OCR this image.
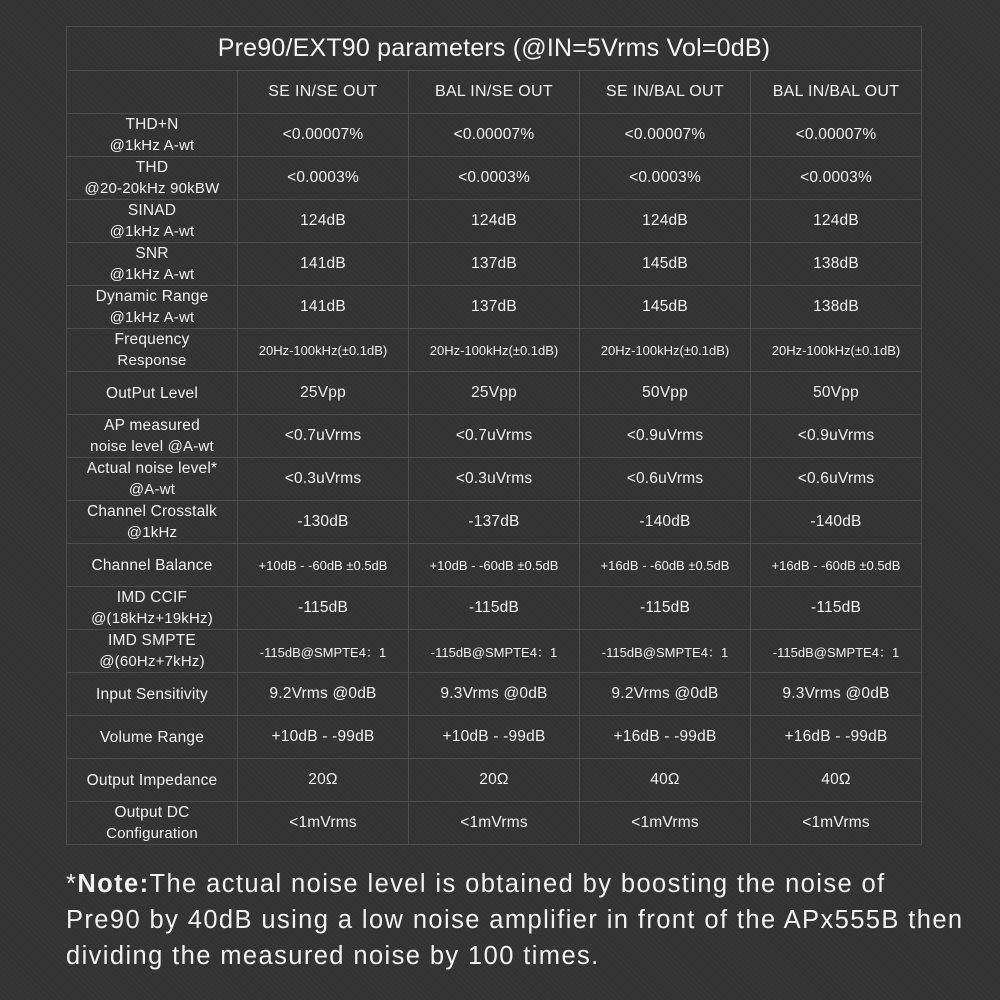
Pre90/EXT90 parameters (@IN=5Vrms Vol=0dB)				
	SE IN/SE OUT	BAL IN/SE OUT	SE IN/BAL OUT	BAL IN/BAL OUT

THD+N
@1kHz A-wt	<0.00007%	<0.00007%	<0.00007%	<0.00007%

THD
@20-20kHz 90kBW	<0.0003%	<0.0003%	<0.0003%	<0.0003%

SINAD
@1kHz A-wt	124dB	124dB	124dB	124dB

SNR
@1kHz A-wt	141dB	137dB	145dB	138dB

Dynamic Range
@1kHz A-wt	141dB	137dB	145dB	138dB

Frequency
Response	20Hz-100kHz(±0.1dB)	20Hz-100kHz(±0.1dB)	20Hz-100kHz(±0.1dB)	20Hz-100kHz(±0.1dB)

OutPut Level	25Vpp	25Vpp	50Vpp	50Vpp

AP measured
noise level @A-wt	<0.7uVrms	<0.7uVrms	<0.9uVrms	<0.9uVrms

Actual noise level*
@A-wt	<0.3uVrms	<0.3uVrms	<0.6uVrms	<0.6uVrms

Channel Crosstalk
@1kHz	-130dB	-137dB	-140dB	-140dB

Channel Balance	+10dB - -60dB ±0.5dB	+10dB - -60dB ±0.5dB	+16dB - -60dB ±0.5dB	+16dB - -60dB ±0.5dB

IMD CCIF
@(18kHz+19kHz)	-115dB	-115dB	-115dB	-115dB

IMD SMPTE
@(60Hz+7kHz)	-115dB@SMPTE4：1	-115dB@SMPTE4：1	-115dB@SMPTE4：1	-115dB@SMPTE4：1

Input Sensitivity	9.2Vrms @0dB	9.3Vrms @0dB	9.2Vrms @0dB	9.3Vrms @0dB

Volume Range	+10dB - -99dB	+10dB - -99dB	+16dB - -99dB	+16dB - -99dB

Output Impedance	20Ω	20Ω	40Ω	40Ω

Output DC
Configuration	<1mVrms	<1mVrms	<1mVrms	<1mVrms
*Note:The actual noise level is obtained by boosting the noise of Pre90 by 40dB using a low noise amplifier in front of the APx555B then dividing the measured noise by 100 times.
